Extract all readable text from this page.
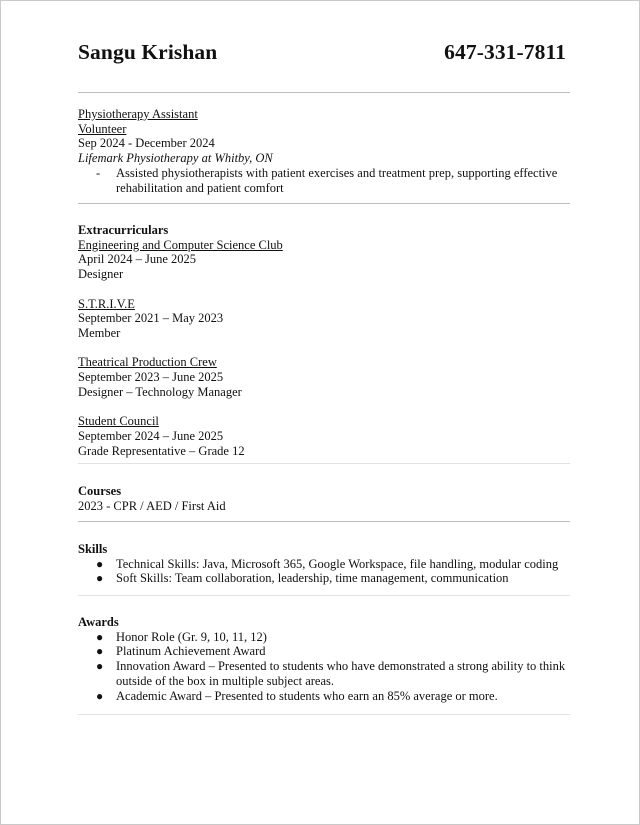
Sangu Krishan	647-331-7811
Physiotherapy Assistant
Volunteer
Sep 2024 - December 2024
Lifemark Physiotherapy at Whitby, ON
- Assisted physiotherapists with patient exercises and treatment prep, supporting effective
rehabilitation and patient comfort
Extracurriculars
Engineering and Computer Science Club
April 2024 – June 2025
Designer
S.T.R.I.V.E
September 2021 – May 2023
Member
Theatrical Production Crew
September 2023 – June 2025
Designer – Technology Manager
Student Council
September 2024 – June 2025
Grade Representative – Grade 12
Courses
2023 - CPR / AED / First Aid
Skills
● Technical Skills: Java, Microsoft 365, Google Workspace, file handling, modular coding
● Soft Skills: Team collaboration, leadership, time management, communication
Awards
● Honor Role (Gr. 9, 10, 11, 12)
● Platinum Achievement Award
● Innovation Award – Presented to students who have demonstrated a strong ability to think
outside of the box in multiple subject areas.
● Academic Award – Presented to students who earn an 85% average or more.
